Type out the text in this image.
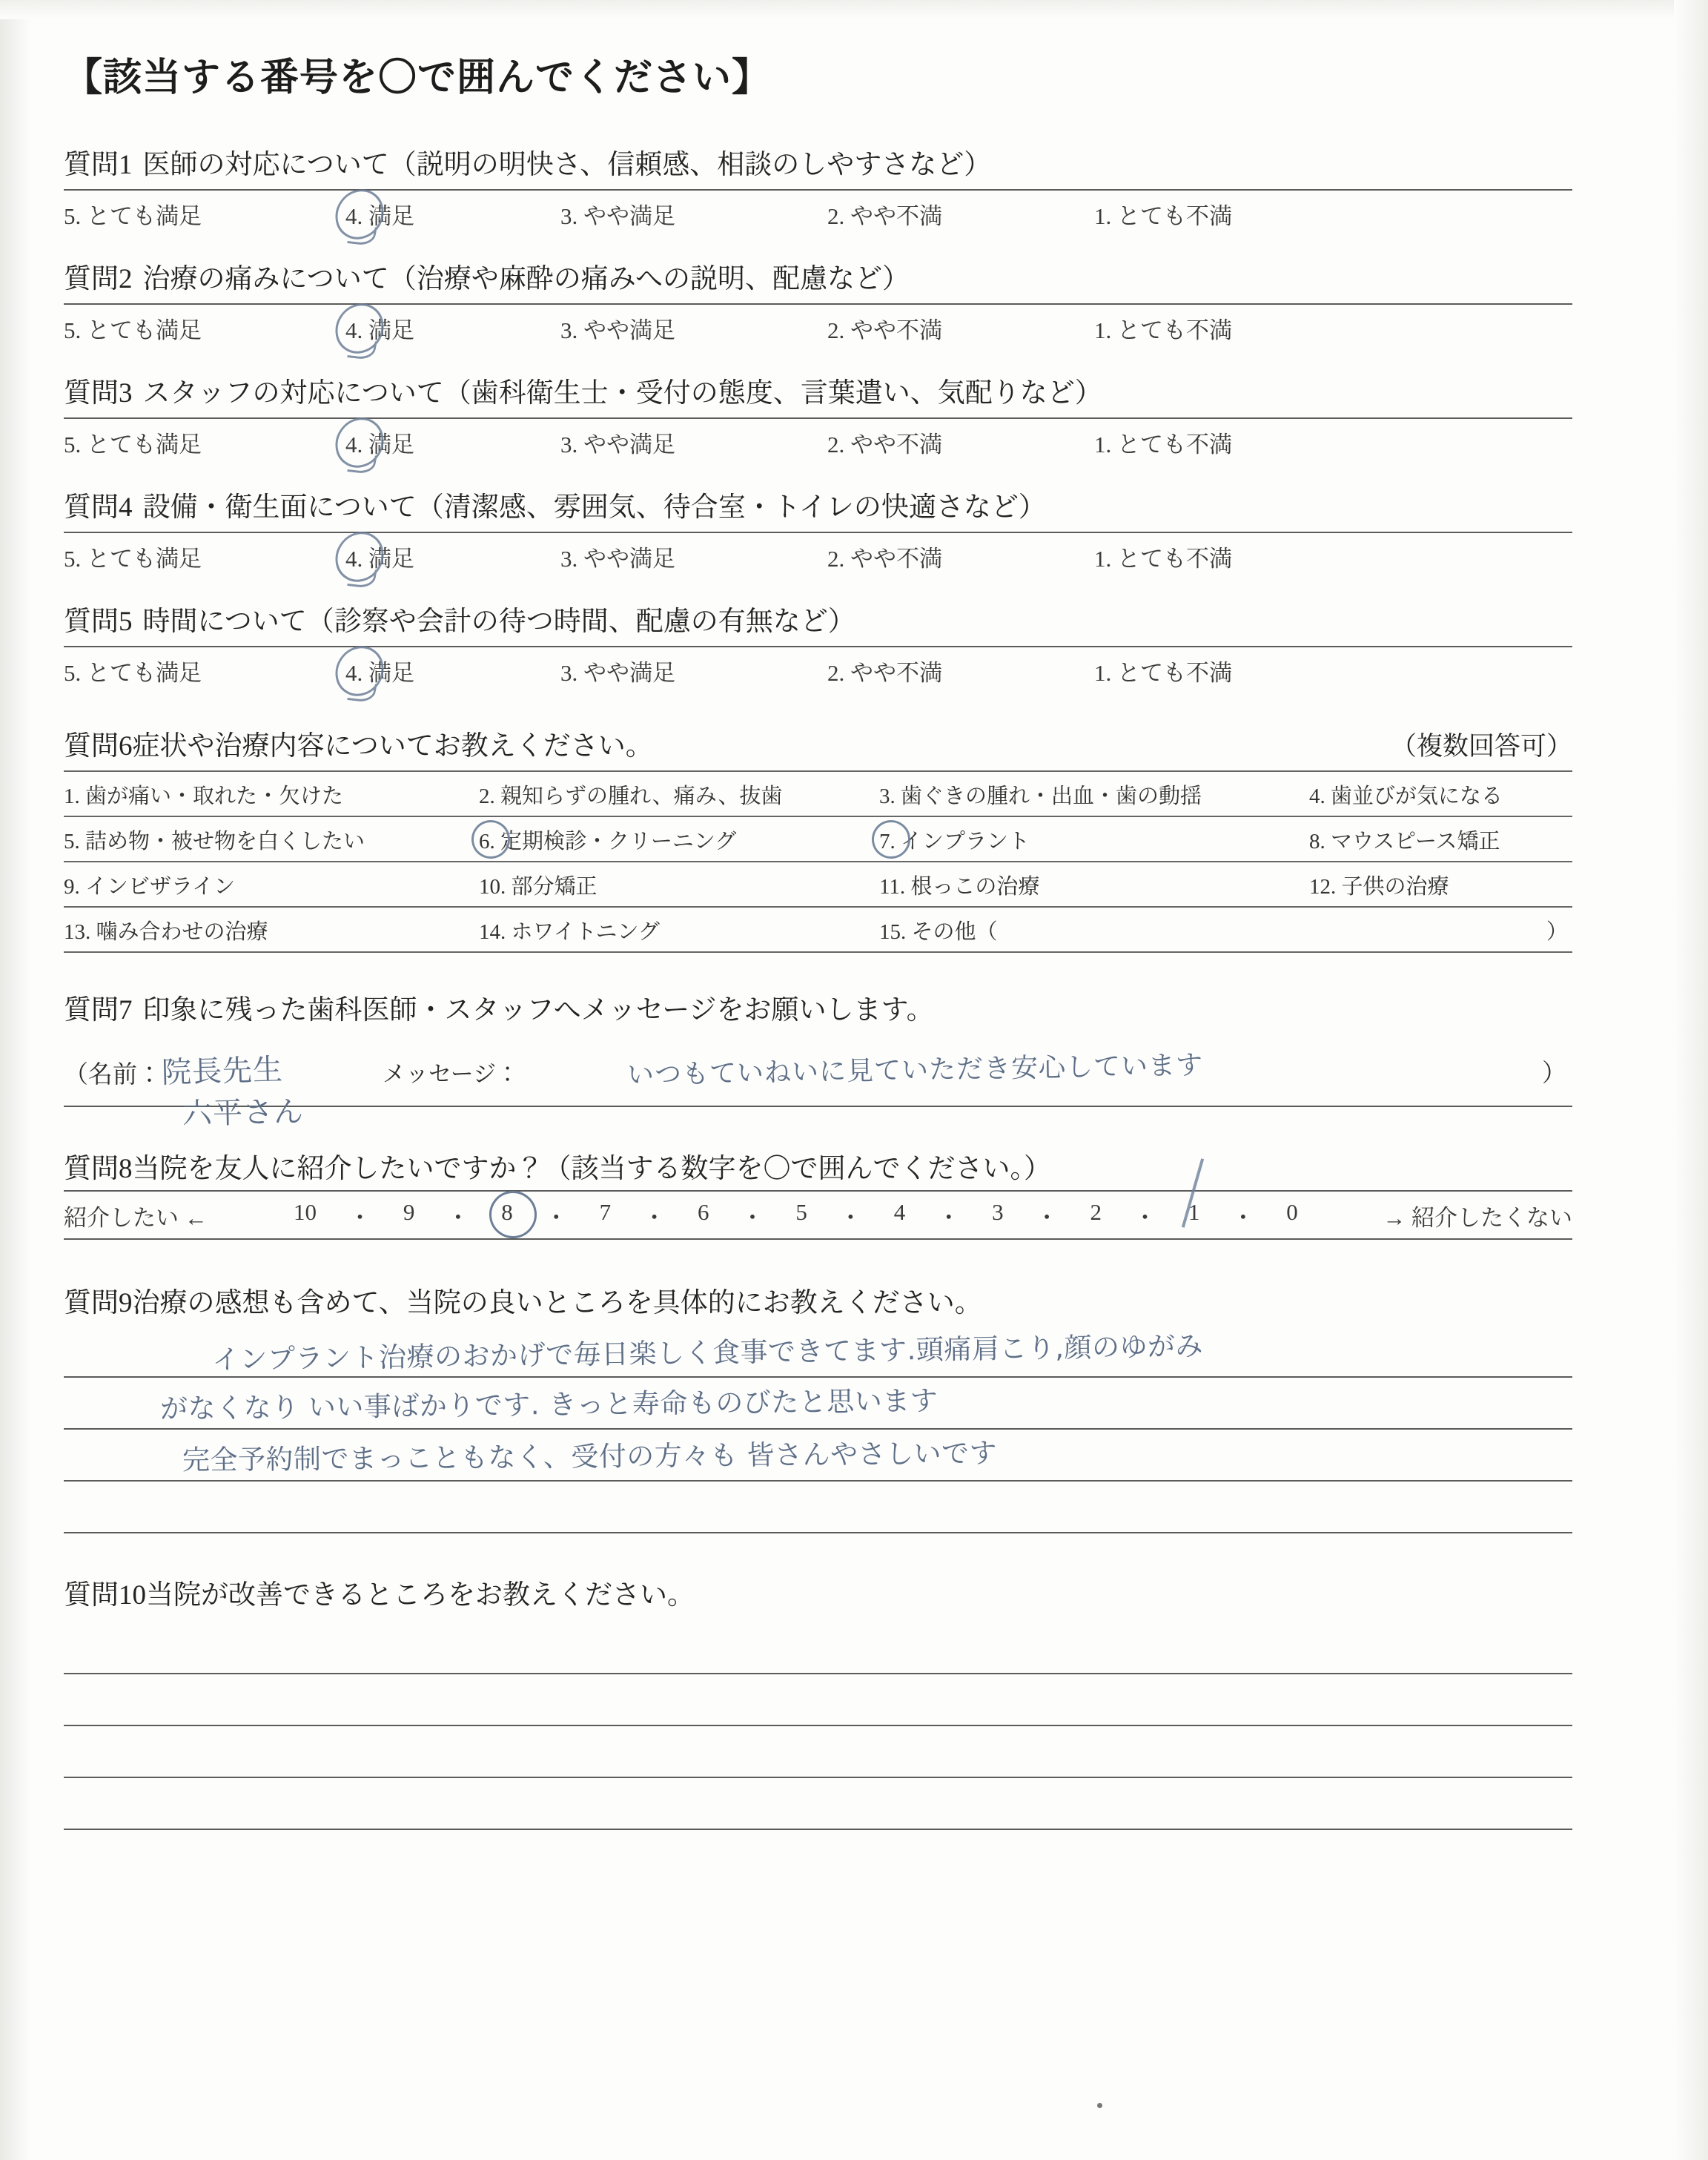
【該当する番号を〇で囲んでください】
質問1 医師の対応について（説明の明快さ、信頼感、相談のしやすさなど）
5. とても満足	4. 満足	3. やや満足	2. やや不満	1. とても不満
質問2 治療の痛みについて（治療や麻酔の痛みへの説明、配慮など）
5. とても満足	4. 満足	3. やや満足	2. やや不満	1. とても不満
質問3 スタッフの対応について（歯科衛生士・受付の態度、言葉遣い、気配りなど）
5. とても満足	4. 満足	3. やや満足	2. やや不満	1. とても不満
質問4 設備・衛生面について（清潔感、雰囲気、待合室・トイレの快適さなど）
5. とても満足	4. 満足	3. やや満足	2. やや不満	1. とても不満
質問5 時間について（診察や会計の待つ時間、配慮の有無など）
5. とても満足	4. 満足	3. やや満足	2. やや不満	1. とても不満
質問6症状や治療内容についてお教えください。	（複数回答可）
1. 歯が痛い・取れた・欠けた	2. 親知らずの腫れ、痛み、抜歯	3. 歯ぐきの腫れ・出血・歯の動揺	4. 歯並びが気になる
5. 詰め物・被せ物を白くしたい	6. 定期検診・クリーニング	7. インプラント	8. マウスピース矯正
9. インビザライン	10. 部分矯正	11. 根っこの治療	12. 子供の治療
13. 噛み合わせの治療	14. ホワイトニング	15. その他（	）
質問7 印象に残った歯科医師・スタッフへメッセージをお願いします。
（名前： 院長先生
六平さん
メッセージ：	いつもていねいに見ていただき安心しています	）
質問8当院を友人に紹介したいですか？（該当する数字を〇で囲んでください。）
紹介したい ←	10 ・ 9 ・ 8 ・ 7 ・ 6 ・ 5 ・ 4 ・ 3 ・ 2 ・ 1 ・ 0	→ 紹介したくない
質問9治療の感想も含めて、当院の良いところを具体的にお教えください。
インプラント治療のおかげで毎日楽しく食事できてます.頭痛肩こり,顔のゆがみ
がなくなり いい事ばかりです. きっと寿命ものびたと思います
完全予約制でまっこともなく、受付の方々も 皆さんやさしいです
質問10当院が改善できるところをお教えください。
